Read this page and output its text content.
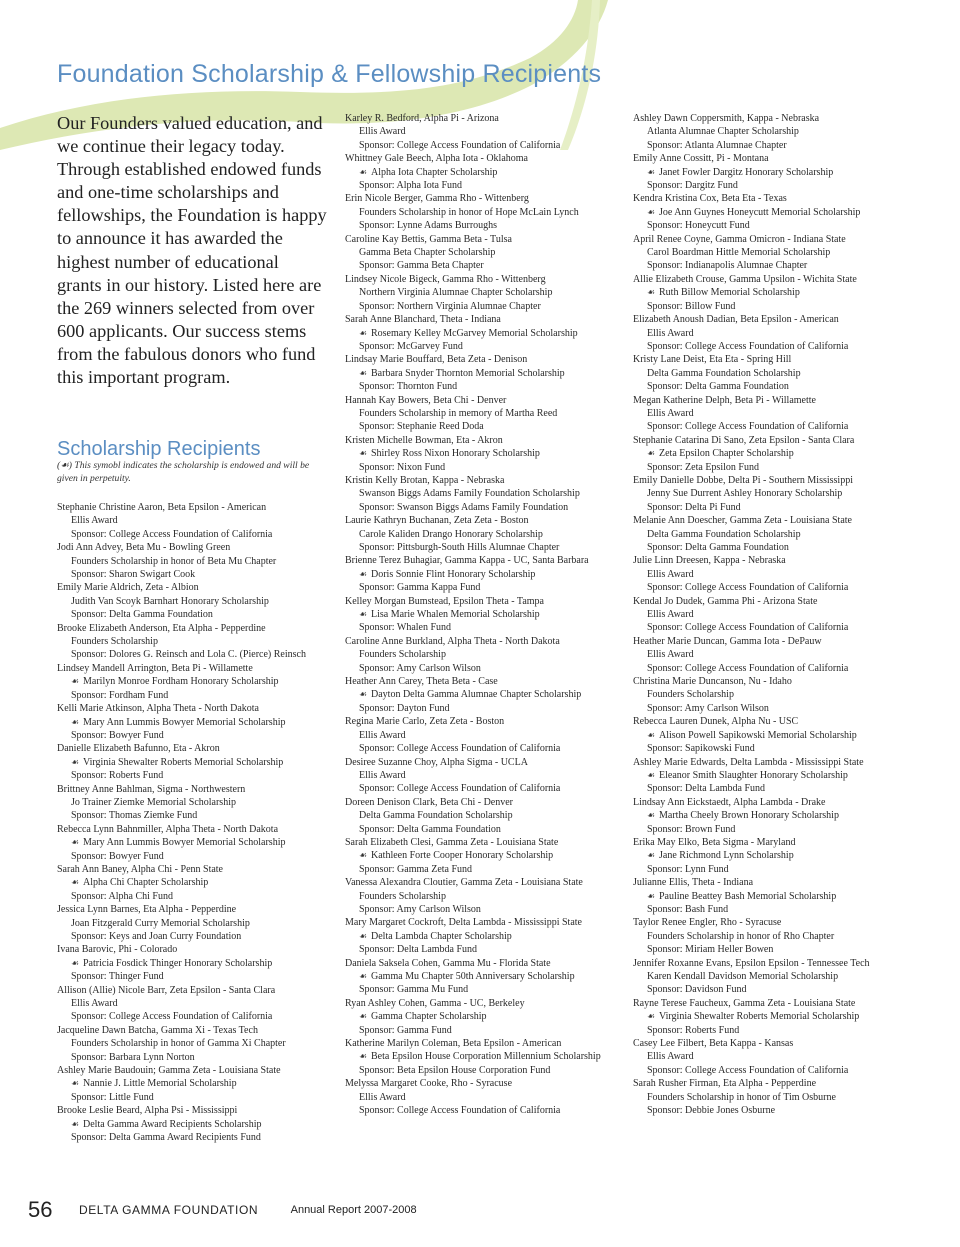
Foundation Scholarship & Fellowship Recipients

Our Founders valued education, and we continue their legacy today. Through established endowed funds and one-time scholarships and fellowships, the Foundation is happy to announce it has awarded the highest number of educational grants in our history. Listed here are the 269 winners selected from over 600 applicants. Our success stems from the fabulous donors who fund this important program.

Scholarship Recipients

(☙) This symobl indicates the scholarship is endowed and will be given in perpetuity.

Stephanie Christine Aaron, Beta Epsilon - American
Ellis Award
Sponsor: College Access Foundation of California
Jodi Ann Advey, Beta Mu - Bowling Green
Founders Scholarship in honor of Beta Mu Chapter
Sponsor: Sharon Swigart Cook
Emily Marie Aldrich, Zeta - Albion
Judith Van Scoyk Barnhart Honorary Scholarship
Sponsor: Delta Gamma Foundation
Brooke Elizabeth Anderson, Eta Alpha - Pepperdine
Founders Scholarship
Sponsor: Dolores G. Reinsch and Lola C. (Pierce) Reinsch
Lindsey Mandell Arrington, Beta Pi - Willamette
☙ Marilyn Monroe Fordham Honorary Scholarship
Sponsor: Fordham Fund
Kelli Marie Atkinson, Alpha Theta - North Dakota
☙ Mary Ann Lummis Bowyer Memorial Scholarship
Sponsor: Bowyer Fund
Danielle Elizabeth Bafunno, Eta - Akron
☙ Virginia Shewalter Roberts Memorial Scholarship
Sponsor: Roberts Fund
Brittney Anne Bahlman, Sigma - Northwestern
Jo Trainer Ziemke Memorial Scholarship
Sponsor: Thomas Ziemke Fund
Rebecca Lynn Bahnmiller, Alpha Theta - North Dakota
☙ Mary Ann Lummis Bowyer Memorial Scholarship
Sponsor: Bowyer Fund
Sarah Ann Baney, Alpha Chi - Penn State
☙ Alpha Chi Chapter Scholarship
Sponsor: Alpha Chi Fund
Jessica Lynn Barnes, Eta Alpha - Pepperdine
Joan Fitzgerald Curry Memorial Scholarship
Sponsor: Keys and Joan Curry Foundation
Ivana Barovic, Phi - Colorado
☙ Patricia Fosdick Thinger Honorary Scholarship
Sponsor: Thinger Fund
Allison (Allie) Nicole Barr, Zeta Epsilon - Santa Clara
Ellis Award
Sponsor: College Access Foundation of California
Jacqueline Dawn Batcha, Gamma Xi - Texas Tech
Founders Scholarship in honor of Gamma Xi Chapter
Sponsor: Barbara Lynn Norton
Ashley Marie Baudouin; Gamma Zeta - Louisiana State
☙ Nannie J. Little Memorial Scholarship
Sponsor: Little Fund
Brooke Leslie Beard, Alpha Psi - Mississippi
☙ Delta Gamma Award Recipients Scholarship
Sponsor: Delta Gamma Award Recipients Fund
Karley R. Bedford, Alpha Pi - Arizona
Ellis Award
Sponsor: College Access Foundation of California
Whittney Gale Beech, Alpha Iota - Oklahoma
☙ Alpha Iota Chapter Scholarship
Sponsor: Alpha Iota Fund
Erin Nicole Berger, Gamma Rho - Wittenberg
Founders Scholarship in honor of Hope McLain Lynch
Sponsor: Lynne Adams Burroughs
Caroline Kay Bettis, Gamma Beta - Tulsa
Gamma Beta Chapter Scholarship
Sponsor: Gamma Beta Chapter
Lindsey Nicole Bigeck, Gamma Rho - Wittenberg
Northern Virginia Alumnae Chapter Scholarship
Sponsor: Northern Virginia Alumnae Chapter
Sarah Anne Blanchard, Theta - Indiana
☙ Rosemary Kelley McGarvey Memorial Scholarship
Sponsor: McGarvey Fund
Lindsay Marie Bouffard, Beta Zeta - Denison
☙ Barbara Snyder Thornton Memorial Scholarship
Sponsor: Thornton Fund
Hannah Kay Bowers, Beta Chi - Denver
Founders Scholarship in memory of Martha Reed
Sponsor: Stephanie Reed Doda
Kristen Michelle Bowman, Eta - Akron
☙ Shirley Ross Nixon Honorary Scholarship
Sponsor: Nixon Fund
Kristin Kelly Brotan, Kappa - Nebraska
Swanson Biggs Adams Family Foundation Scholarship
Sponsor: Swanson Biggs Adams Family Foundation
Laurie Kathryn Buchanan, Zeta Zeta - Boston
Carole Kaliden Drango Honorary Scholarship
Sponsor: Pittsburgh-South Hills Alumnae Chapter
Brienne Terez Buhagiar, Gamma Kappa - UC, Santa Barbara
☙ Doris Sonnie Flint Honorary Scholarship
Sponsor: Gamma Kappa Fund
Kelley Morgan Bumstead, Epsilon Theta - Tampa
☙ Lisa Marie Whalen Memorial Scholarship
Sponsor: Whalen Fund
Caroline Anne Burkland, Alpha Theta - North Dakota
Founders Scholarship
Sponsor: Amy Carlson Wilson
Heather Ann Carey, Theta Beta - Case
☙ Dayton Delta Gamma Alumnae Chapter Scholarship
Sponsor: Dayton Fund
Regina Marie Carlo, Zeta Zeta - Boston
Ellis Award
Sponsor: College Access Foundation of California
Desiree Suzanne Choy, Alpha Sigma - UCLA
Ellis Award
Sponsor: College Access Foundation of California
Doreen Denison Clark, Beta Chi - Denver
Delta Gamma Foundation Scholarship
Sponsor: Delta Gamma Foundation
Sarah Elizabeth Clesi, Gamma Zeta - Louisiana State
☙ Kathleen Forte Cooper Honorary Scholarship
Sponsor: Gamma Zeta Fund
Vanessa Alexandra Cloutier, Gamma Zeta - Louisiana State
Founders Scholarship
Sponsor: Amy Carlson Wilson
Mary Margaret Cockroft, Delta Lambda - Mississippi State
☙ Delta Lambda Chapter Scholarship
Sponsor: Delta Lambda Fund
Daniela Saksela Cohen, Gamma Mu - Florida State
☙ Gamma Mu Chapter 50th Anniversary Scholarship
Sponsor: Gamma Mu Fund
Ryan Ashley Cohen, Gamma - UC, Berkeley
☙ Gamma Chapter Scholarship
Sponsor: Gamma Fund
Katherine Marilyn Coleman, Beta Epsilon - American
☙ Beta Epsilon House Corporation Millennium Scholarship
Sponsor: Beta Epsilon House Corporation Fund
Melyssa Margaret Cooke, Rho - Syracuse
Ellis Award
Sponsor: College Access Foundation of California
Ashley Dawn Coppersmith, Kappa - Nebraska
Atlanta Alumnae Chapter Scholarship
Sponsor: Atlanta Alumnae Chapter
Emily Anne Cossitt, Pi - Montana
☙ Janet Fowler Dargitz Honorary Scholarship
Sponsor: Dargitz Fund
Kendra Kristina Cox, Beta Eta - Texas
☙ Joe Ann Guynes Honeycutt Memorial Scholarship
Sponsor: Honeycutt Fund
April Renee Coyne, Gamma Omicron - Indiana State
Carol Boardman Hittle Memorial Scholarship
Sponsor: Indianapolis Alumnae Chapter
Allie Elizabeth Crouse, Gamma Upsilon - Wichita State
☙ Ruth Billow Memorial Scholarship
Sponsor: Billow Fund
Elizabeth Anoush Dadian, Beta Epsilon - American
Ellis Award
Sponsor: College Access Foundation of California
Kristy Lane Deist, Eta Eta - Spring Hill
Delta Gamma Foundation Scholarship
Sponsor: Delta Gamma Foundation
Megan Katherine Delph, Beta Pi - Willamette
Ellis Award
Sponsor: College Access Foundation of California
Stephanie Catarina Di Sano, Zeta Epsilon - Santa Clara
☙ Zeta Epsilon Chapter Scholarship
Sponsor: Zeta Epsilon Fund
Emily Danielle Dobbe, Delta Pi - Southern Mississippi
Jenny Sue Durrent Ashley Honorary Scholarship
Sponsor: Delta Pi Fund
Melanie Ann Doescher, Gamma Zeta - Louisiana State
Delta Gamma Foundation Scholarship
Sponsor: Delta Gamma Foundation
Julie Linn Dreesen, Kappa - Nebraska
Ellis Award
Sponsor: College Access Foundation of California
Kendal Jo Dudek, Gamma Phi - Arizona State
Ellis Award
Sponsor: College Access Foundation of California
Heather Marie Duncan, Gamma Iota - DePauw
Ellis Award
Sponsor: College Access Foundation of California
Christina Marie Duncanson, Nu - Idaho
Founders Scholarship
Sponsor: Amy Carlson Wilson
Rebecca Lauren Dunek, Alpha Nu - USC
☙ Alison Powell Sapikowski Memorial Scholarship
Sponsor: Sapikowski Fund
Ashley Marie Edwards, Delta Lambda - Mississippi State
☙ Eleanor Smith Slaughter Honorary Scholarship
Sponsor: Delta Lambda Fund
Lindsay Ann Eickstaedt, Alpha Lambda - Drake
☙ Martha Cheely Brown Honorary Scholarship
Sponsor: Brown Fund
Erika May Elko, Beta Sigma - Maryland
☙ Jane Richmond Lynn Scholarship
Sponsor: Lynn Fund
Julianne Ellis, Theta - Indiana
☙ Pauline Beattey Bash Memorial Scholarship
Sponsor: Bash Fund
Taylor Renee Engler, Rho - Syracuse
Founders Scholarship in honor of Rho Chapter
Sponsor: Miriam Heller Bowen
Jennifer Roxanne Evans, Epsilon Epsilon - Tennessee Tech
Karen Kendall Davidson Memorial Scholarship
Sponsor: Davidson Fund
Rayne Terese Faucheux, Gamma Zeta - Louisiana State
☙ Virginia Shewalter Roberts Memorial Scholarship
Sponsor: Roberts Fund
Casey Lee Filbert, Beta Kappa - Kansas
Ellis Award
Sponsor: College Access Foundation of California
Sarah Rusher Firman, Eta Alpha - Pepperdine
Founders Scholarship in honor of Tim Osburne
Sponsor: Debbie Jones Osburne
56 DELTA GAMMA FOUNDATION	Annual Report 2007-2008
